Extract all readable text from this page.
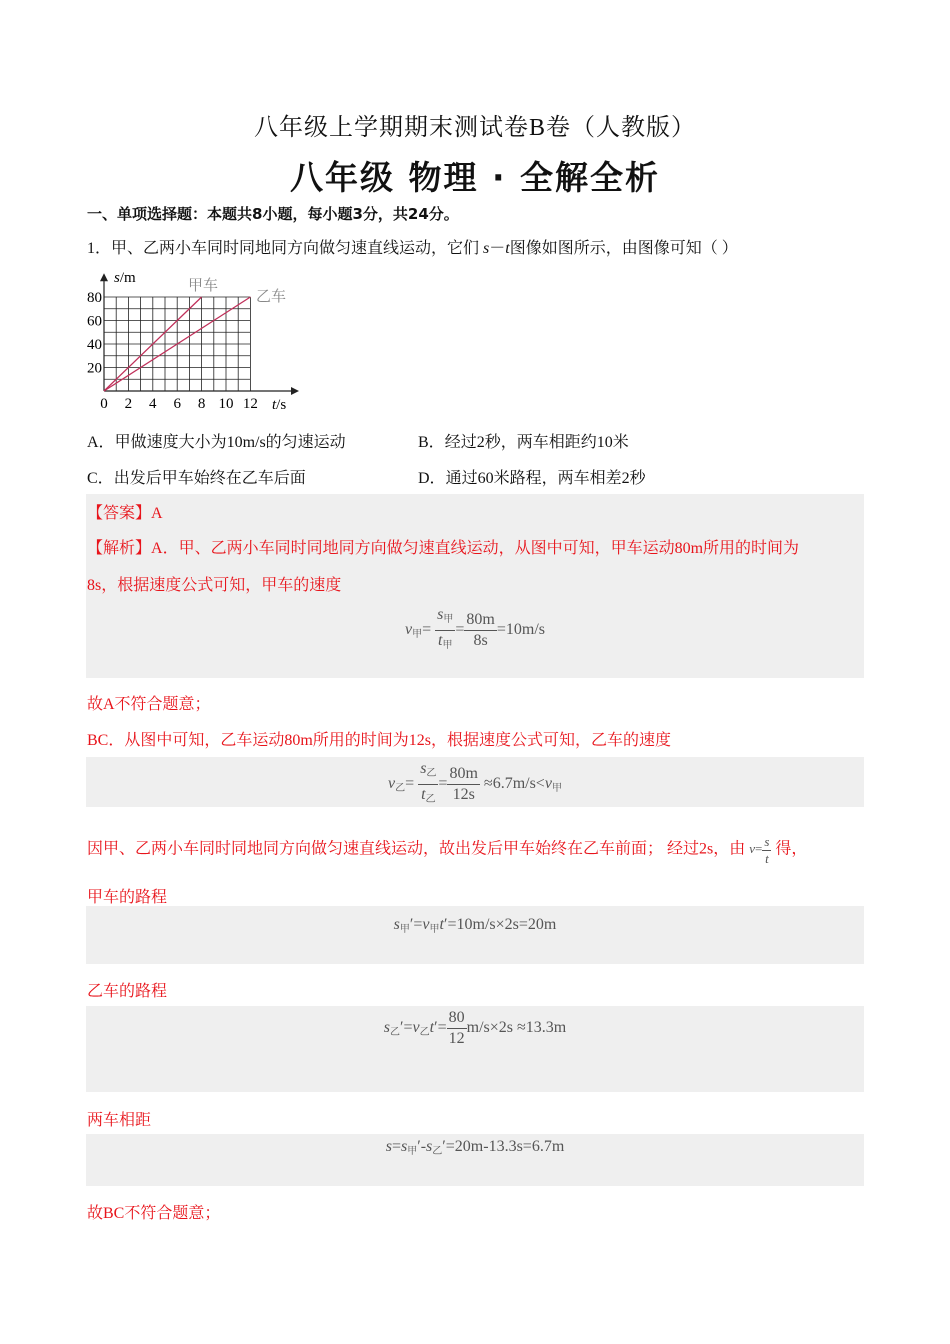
八年级上学期期末测试卷B卷（人教版）
八年级 物理 · 全解全析
一、单项选择题：本题共8小题，每小题3分，共24分。
1．甲、乙两小车同时同地同方向做匀速直线运动，它们 s－t图像如图所示，由图像可知（ ）
0 2 4 6 8 10 12
20
40
60
80
s/m
t/s
甲车
乙车
A．甲做速度大小为10m/s的匀速运动	B．经过2秒，两车相距约10米
C．出发后甲车始终在乙车后面	D．通过60米路程，两车相差2秒
【答案】A
【解析】A．甲、乙两小车同时同地同方向做匀速直线运动，从图中可知，甲车运动80m所用的时间为
8s，根据速度公式可知，甲车的速度
$v_甲= \frac{s_甲}{t_甲} = \frac{80m}{8s} =10m/s$
故A不符合题意；
BC．从图中可知，乙车运动80m所用的时间为12s，根据速度公式可知，乙车的速度
$v_乙= \frac{s_乙}{t_乙} = \frac{80m}{12s} \approx 6.7m/s<v_甲$
因甲、乙两小车同时同地同方向做匀速直线运动，故出发后甲车始终在乙车前面； 经过2s，由 $v= \frac{s}{t}$ 得，
甲车的路程
$s_甲'=v_甲t'=10m/s\times 2s=20m$
乙车的路程
$s_乙'=v_乙t'= \frac{80}{12} m/s\times 2s \approx 13.3m$
两车相距
$s=s_甲'-s_乙'=20m-13.3s=6.7m$
故BC不符合题意；
